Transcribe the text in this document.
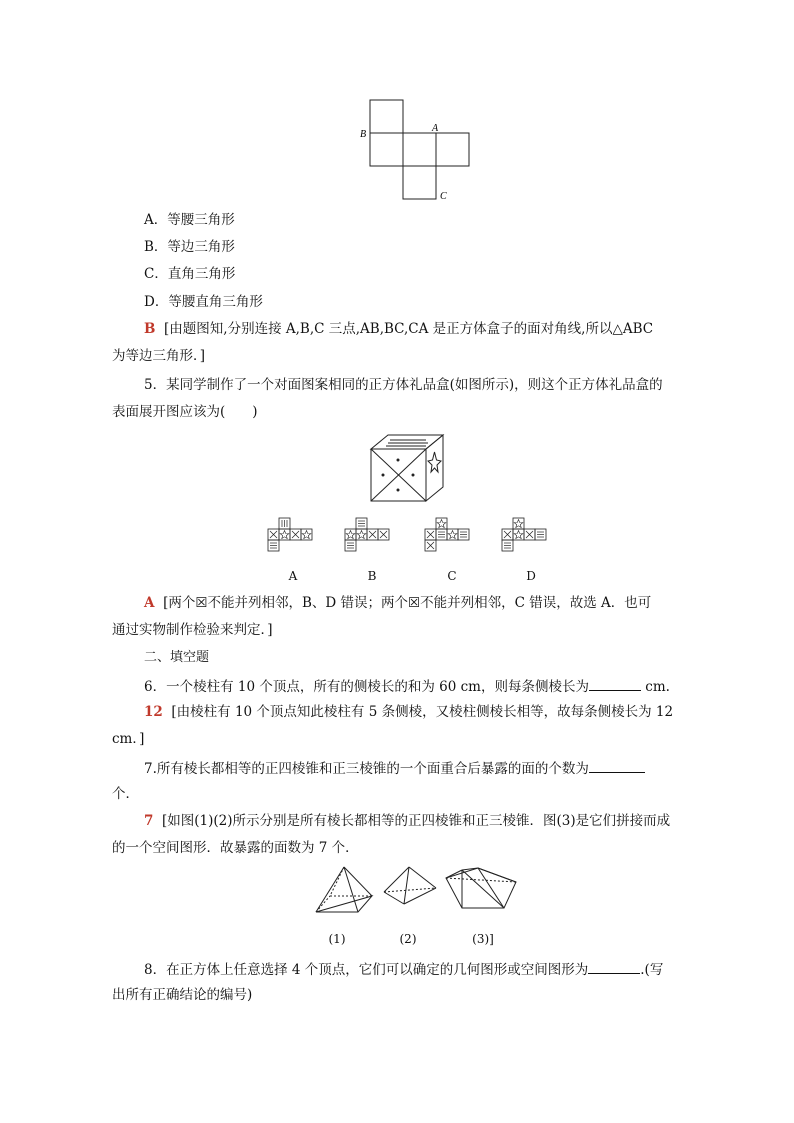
B
A
C
A．等腰三角形
B．等边三角形
C．直角三角形
D．等腰直角三角形
B [由题图知,分别连接 A,B,C 三点,AB,BC,CA 是正方体盒子的面对角线,所以△ABC
为等边三角形．]
5．某同学制作了一个对面图案相同的正方体礼品盒(如图所示)，则这个正方体礼品盒的
表面展开图应该为(　　)
A	B	C	D
A [两个☒不能并列相邻，B、D 错误；两个☒不能并列相邻，C 错误，故选 A．也可
通过实物制作检验来判定．]
二、填空题
6．一个棱柱有 10 个顶点，所有的侧棱长的和为 60 cm，则每条侧棱长为	cm.
12 [由棱柱有 10 个顶点知此棱柱有 5 条侧棱，又棱柱侧棱长相等，故每条侧棱长为 12
cm．]
7.所有棱长都相等的正四棱锥和正三棱锥的一个面重合后暴露的面的个数为
个．
7 [如图(1)(2)所示分别是所有棱长都相等的正四棱锥和正三棱锥．图(3)是它们拼接而成
的一个空间图形．故暴露的面数为 7 个．
(1)	(2)	(3)]
8．在正方体上任意选择 4 个顶点，它们可以确定的几何图形或空间图形为	.(写
出所有正确结论的编号)
